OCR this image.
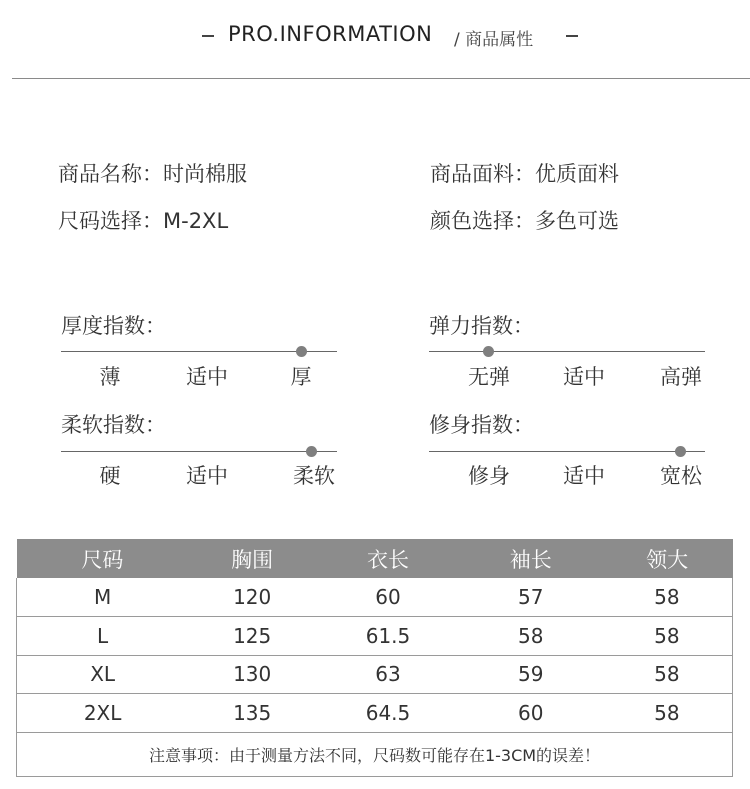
PRO.INFORMATION / 商品属性
商品名称：时尚棉服	商品面料：优质面料
尺码选择：M-2XL	颜色选择：多色可选
厚度指数：
薄	适中	厚
弹力指数：
无弹	适中	高弹
柔软指数：
硬	适中	柔软
修身指数：
修身	适中	宽松
尺码	胸围	衣长	袖长	领大
M	120	60	57	58
L	125	61.5	58	58
XL	130	63	59	58
2XL	135	64.5	60	58
注意事项：由于测量方法不同，尺码数可能存在1-3CM的误差！				
